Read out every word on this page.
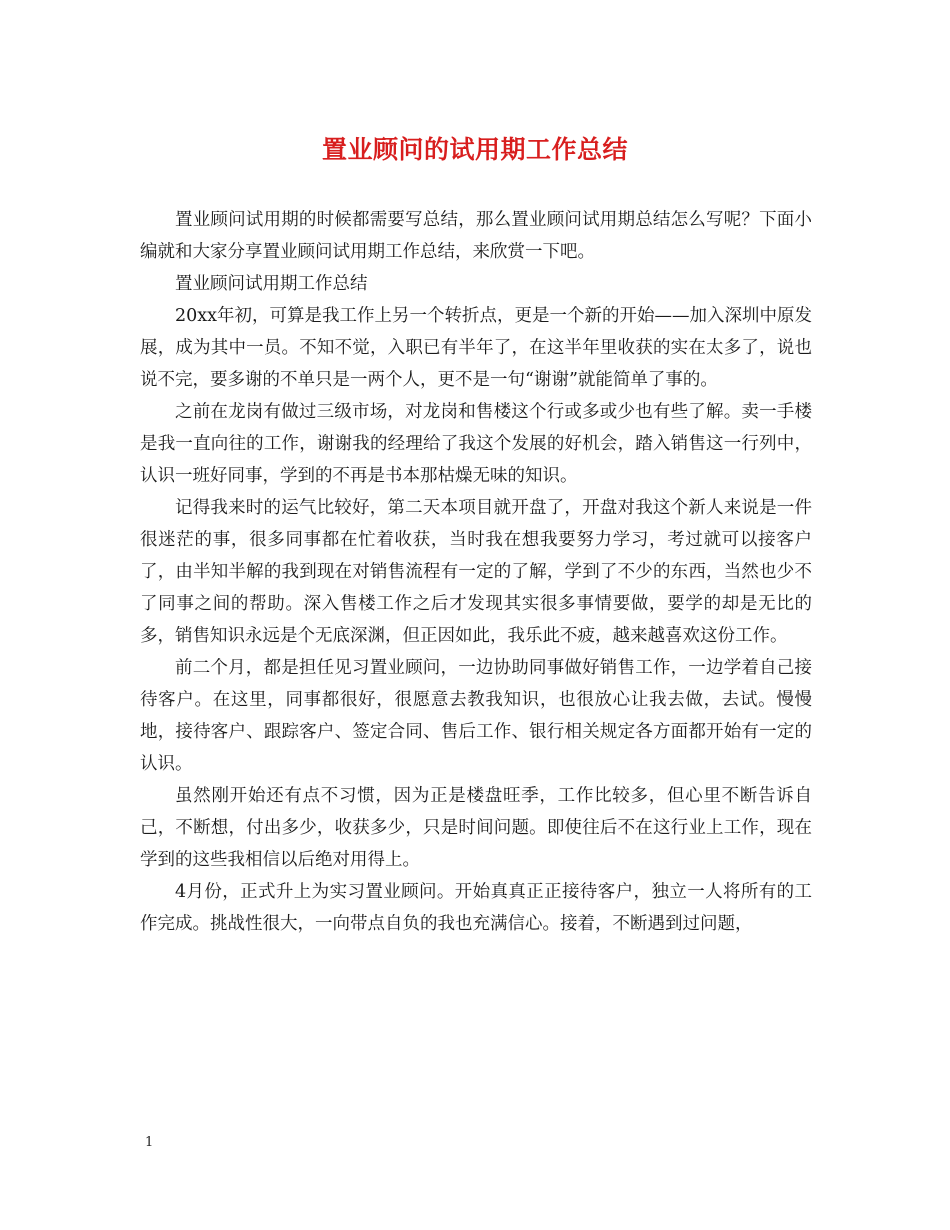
置业顾问的试用期工作总结

置业顾问试用期的时候都需要写总结，那么置业顾问试用期总结怎么写呢？下面小编就和大家分享置业顾问试用期工作总结，来欣赏一下吧。

置业顾问试用期工作总结

20xx年初，可算是我工作上另一个转折点，更是一个新的开始——加入深圳中原发展，成为其中一员。不知不觉，入职已有半年了，在这半年里收获的实在太多了，说也说不完，要多谢的不单只是一两个人，更不是一句“谢谢”就能简单了事的。

之前在龙岗有做过三级市场，对龙岗和售楼这个行或多或少也有些了解。卖一手楼是我一直向往的工作，谢谢我的经理给了我这个发展的好机会，踏入销售这一行列中，认识一班好同事，学到的不再是书本那枯燥无味的知识。

记得我来时的运气比较好，第二天本项目就开盘了，开盘对我这个新人来说是一件很迷茫的事，很多同事都在忙着收获，当时我在想我要努力学习，考过就可以接客户了，由半知半解的我到现在对销售流程有一定的了解，学到了不少的东西，当然也少不了同事之间的帮助。深入售楼工作之后才发现其实很多事情要做，要学的却是无比的多，销售知识永远是个无底深渊，但正因如此，我乐此不疲，越来越喜欢这份工作。

前二个月，都是担任见习置业顾问，一边协助同事做好销售工作，一边学着自己接待客户。在这里，同事都很好，很愿意去教我知识，也很放心让我去做，去试。慢慢地，接待客户、跟踪客户、签定合同、售后工作、银行相关规定各方面都开始有一定的认识。

虽然刚开始还有点不习惯，因为正是楼盘旺季，工作比较多，但心里不断告诉自己，不断想，付出多少，收获多少，只是时间问题。即使往后不在这行业上工作，现在学到的这些我相信以后绝对用得上。

4月份，正式升上为实习置业顾问。开始真真正正接待客户，独立一人将所有的工作完成。挑战性很大，一向带点自负的我也充满信心。接着，不断遇到过问题，

1
